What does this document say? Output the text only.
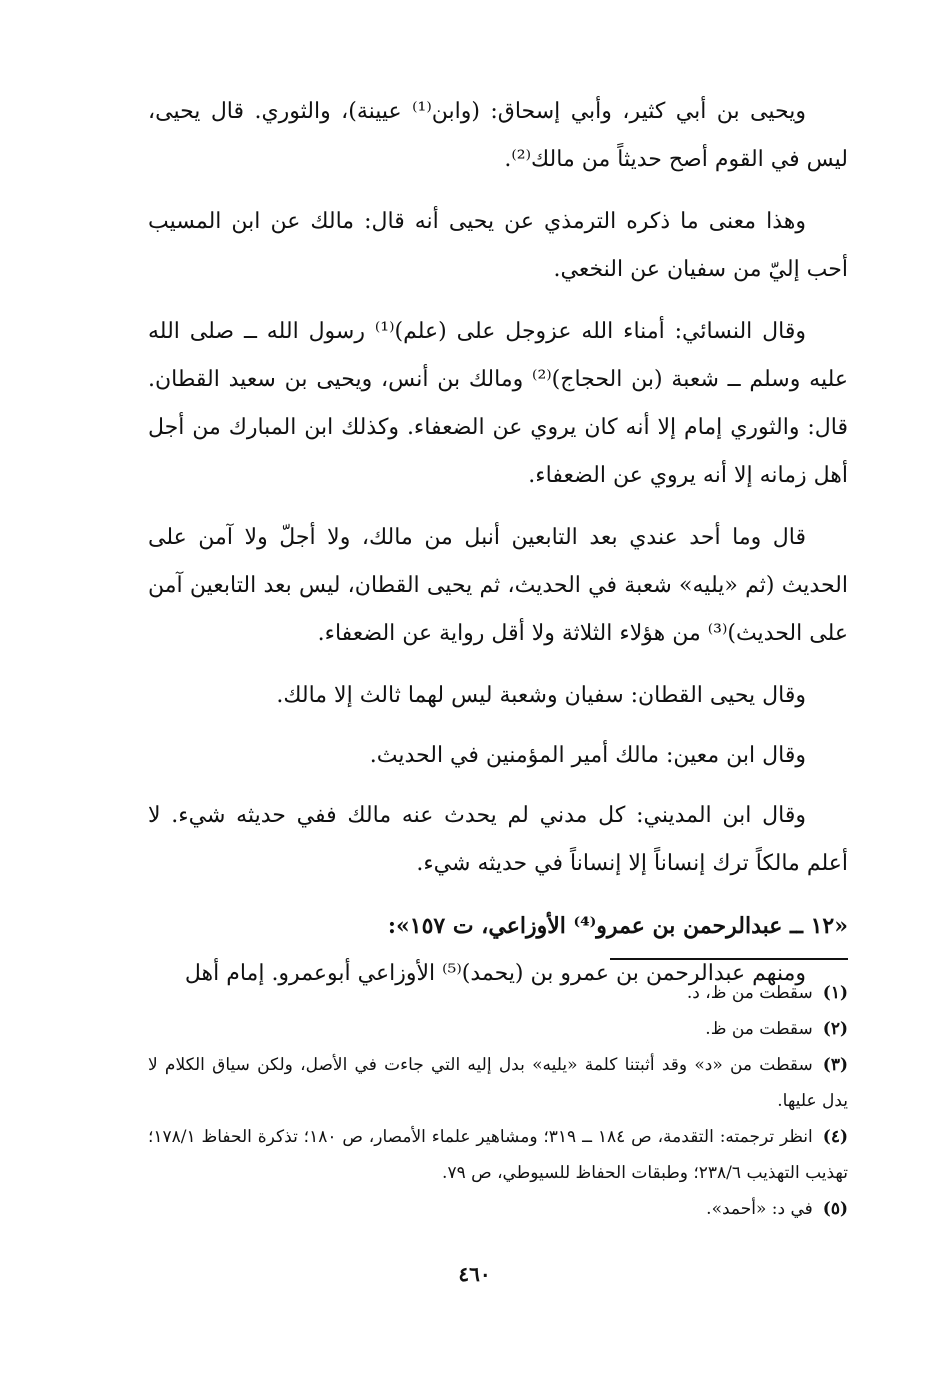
ويحيى بن أبي كثير، وأبي إسحاق: (وابن⁽¹⁾ عيينة)، والثوري. قال يحيى، ليس في القوم أصح حديثاً من مالك⁽²⁾.

وهذا معنى ما ذكره الترمذي عن يحيى أنه قال: مالك عن ابن المسيب أحب إليّ من سفيان عن النخعي.

وقال النسائي: أمناء الله عزوجل على (علم)⁽¹⁾ رسول الله ــ صلى الله عليه وسلم ــ شعبة (بن الحجاج)⁽²⁾ ومالك بن أنس، ويحيى بن سعيد القطان. قال: والثوري إمام إلا أنه كان يروي عن الضعفاء. وكذلك ابن المبارك من أجل أهل زمانه إلا أنه يروي عن الضعفاء.

قال وما أحد عندي بعد التابعين أنبل من مالك، ولا أجلّ ولا آمن على الحديث (ثم «يليه» شعبة في الحديث، ثم يحيى القطان، ليس بعد التابعين آمن على الحديث)⁽³⁾ من هؤلاء الثلاثة ولا أقل رواية عن الضعفاء.

وقال يحيى القطان: سفيان وشعبة ليس لهما ثالث إلا مالك.

وقال ابن معين: مالك أمير المؤمنين في الحديث.

وقال ابن المديني: كل مدني لم يحدث عنه مالك ففي حديثه شيء. لا أعلم مالكاً ترك إنساناً إلا إنساناً في حديثه شيء.

«١٢ ــ عبدالرحمن بن عمرو⁽⁴⁾ الأوزاعي، ت ١٥٧»:

ومنهم عبدالرحمن بن عمرو بن (يحمد)⁽⁵⁾ الأوزاعي أبوعمرو. إمام أهل

(١)سقطت من ظ، د.

(٢)سقطت من ظ.

(٣)سقطت من «د» وقد أثبتنا كلمة «يليه» بدل إليه التي جاءت في الأصل، ولكن سياق الكلام لا يدل عليها.

(٤)انظر ترجمته: التقدمة، ص ١٨٤ ــ ٣١٩؛ ومشاهير علماء الأمصار، ص ١٨٠؛ تذكرة الحفاظ ١٧٨/١؛ تهذيب التهذيب ٢٣٨/٦؛ وطبقات الحفاظ للسيوطي، ص ٧٩.

(٥)في د: «أحمد».

٤٦٠
